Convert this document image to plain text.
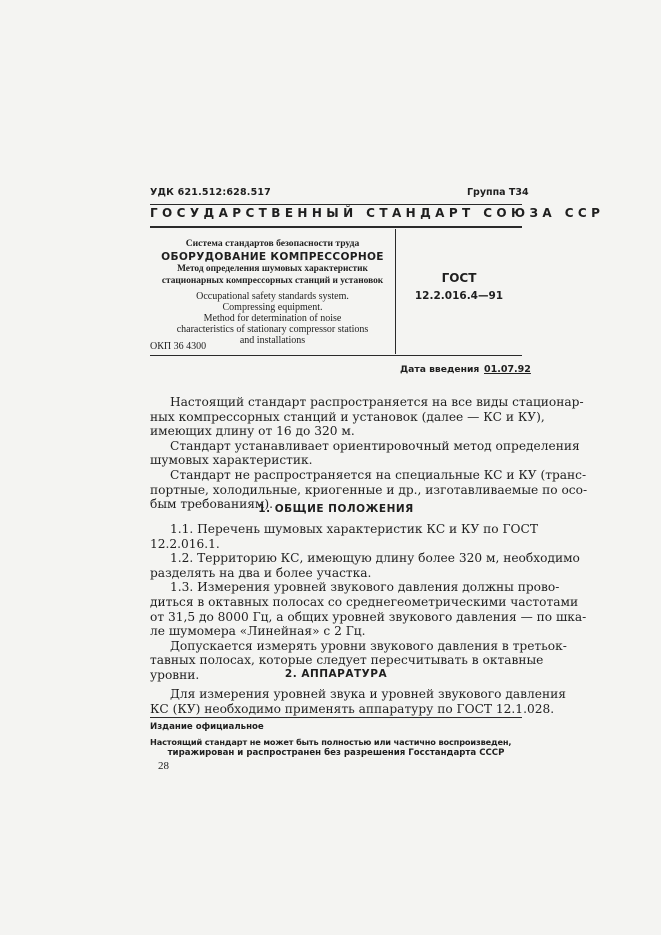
УДК 621.512:628.517	Группа Т34
ГОСУДАРСТВЕННЫЙ СТАНДАРТ СОЮЗА ССР
Система стандартов безопасности труда
ОБОРУДОВАНИЕ КОМПРЕССОРНОЕ
Метод определения шумовых характеристик
стационарных компрессорных станций и установок
Occupational safety standards system.
Compressing equipment.
Method for determination of noise
characteristics of stationary compressor stations
and installations
ОКП 36 4300
ГОСТ
12.2.016.4—91
Дата введения 01.07.92
Настоящий стандарт распространяется на все виды стационар-
ных компрессорных станций и установок (далее — КС и КУ),
имеющих длину от 16 до 320 м.
Стандарт устанавливает ориентировочный метод определения
шумовых характеристик.
Стандарт не распространяется на специальные КС и КУ (транс-
портные, холодильные, криогенные и др., изготавливаемые по осо-
бым требованиям).
1. ОБЩИЕ ПОЛОЖЕНИЯ
1.1. Перечень шумовых характеристик КС и КУ по ГОСТ
12.2.016.1.
1.2. Территорию КС, имеющую длину более 320 м, необходимо
разделять на два и более участка.
1.3. Измерения уровней звукового давления должны прово-
диться в октавных полосах со среднегеометрическими частотами
от 31,5 до 8000 Гц, а общих уровней звукового давления — по шка-
ле шумомера «Линейная» с 2 Гц.
Допускается измерять уровни звукового давления в третьок-
тавных полосах, которые следует пересчитывать в октавные
уровни.	2. АППАРАТУРА
Для измерения уровней звука и уровней звукового давления
КС (КУ) необходимо применять аппаратуру по ГОСТ 12.1.028.
Издание официальное
Настоящий стандарт не может быть полностью или частично воспроизведен,
тиражирован и распространен без разрешения Госстандарта СССР
28
